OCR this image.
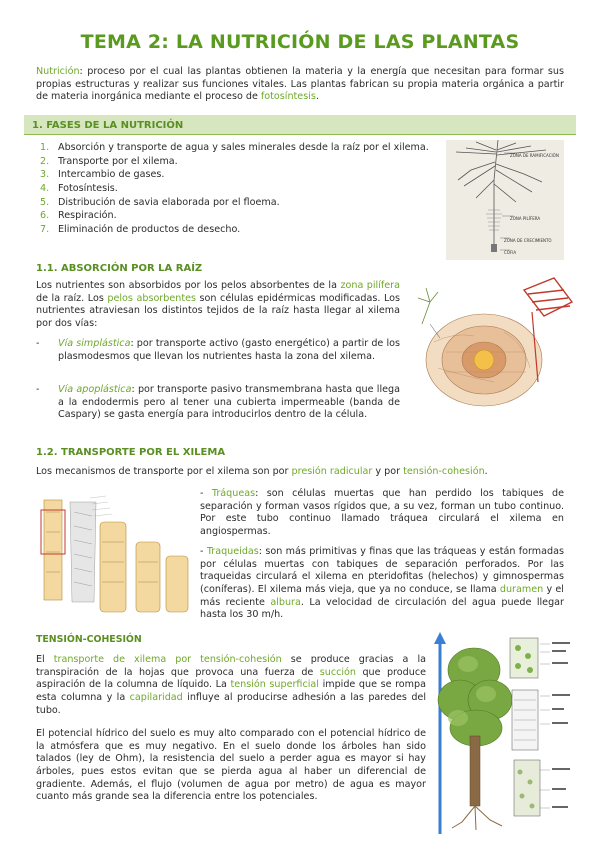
TEMA 2: LA NUTRICIÓN DE LAS PLANTAS
Nutrición: proceso por el cual las plantas obtienen la materia y la energía que necesitan para formar sus propias estructuras y realizar sus funciones vitales. Las plantas fabrican su propia materia orgánica a partir de materia inorgánica mediante el proceso de fotosíntesis.
1. FASES DE LA NUTRICIÓN
1. Absorción y transporte de agua y sales minerales desde la raíz por el xilema.
2. Transporte por el xilema.
3. Intercambio de gases.
4. Fotosíntesis.
5. Distribución de savia elaborada por el floema.
6. Respiración.
7. Eliminación de productos de desecho.
ZONA DE RAMIFICACIÓN
ZONA PILÍFERA
ZONA DE CRECIMIENTO
COFIA
1.1. ABSORCIÓN POR LA RAÍZ
Los nutrientes son absorbidos por los pelos absorbentes de la zona pilífera de la raíz. Los pelos absorbentes son células epidérmicas modificadas. Los nutrientes atraviesan los distintos tejidos de la raíz hasta llegar al xilema por dos vías:
- Vía simplástica: por transporte activo (gasto energético) a partir de los plasmodesmos que llevan los nutrientes hasta la zona del xilema.
- Vía apoplástica: por transporte pasivo transmembrana hasta que llega a la endodermis pero al tener una cubierta impermeable (banda de Caspary) se gasta energía para introducirlos dentro de la célula.
1.2. TRANSPORTE POR EL XILEMA
Los mecanismos de transporte por el xilema son por presión radicular y por tensión-cohesión.
- Tráqueas: son células muertas que han perdido los tabiques de separación y forman vasos rígidos que, a su vez, forman un tubo continuo. Por este tubo continuo llamado tráquea circulará el xilema en angiospermas.
- Traqueidas: son más primitivas y finas que las tráqueas y están formadas por células muertas con tabiques de separación perforados. Por las traqueidas circulará el xilema en pteridofitas (helechos) y gimnospermas (coníferas). El xilema más vieja, que ya no conduce, se llama duramen y el más reciente albura. La velocidad de circulación del agua puede llegar hasta los 30 m/h.
TENSIÓN-COHESIÓN
El transporte de xilema por tensión-cohesión se produce gracias a la transpiración de la hojas que provoca una fuerza de succión que produce aspiración de la columna de líquido. La tensión superficial impide que se rompa esta columna y la capilaridad influye al producirse adhesión a las paredes del tubo.
El potencial hídrico del suelo es muy alto comparado con el potencial hídrico de la atmósfera que es muy negativo. En el suelo donde los árboles han sido talados (ley de Ohm), la resistencia del suelo a perder agua es mayor si hay árboles, pues estos evitan que se pierda agua al haber un diferencial de gradiente. Además, el flujo (volumen de agua por metro) de agua es mayor cuanto más grande sea la diferencia entre los potenciales.
